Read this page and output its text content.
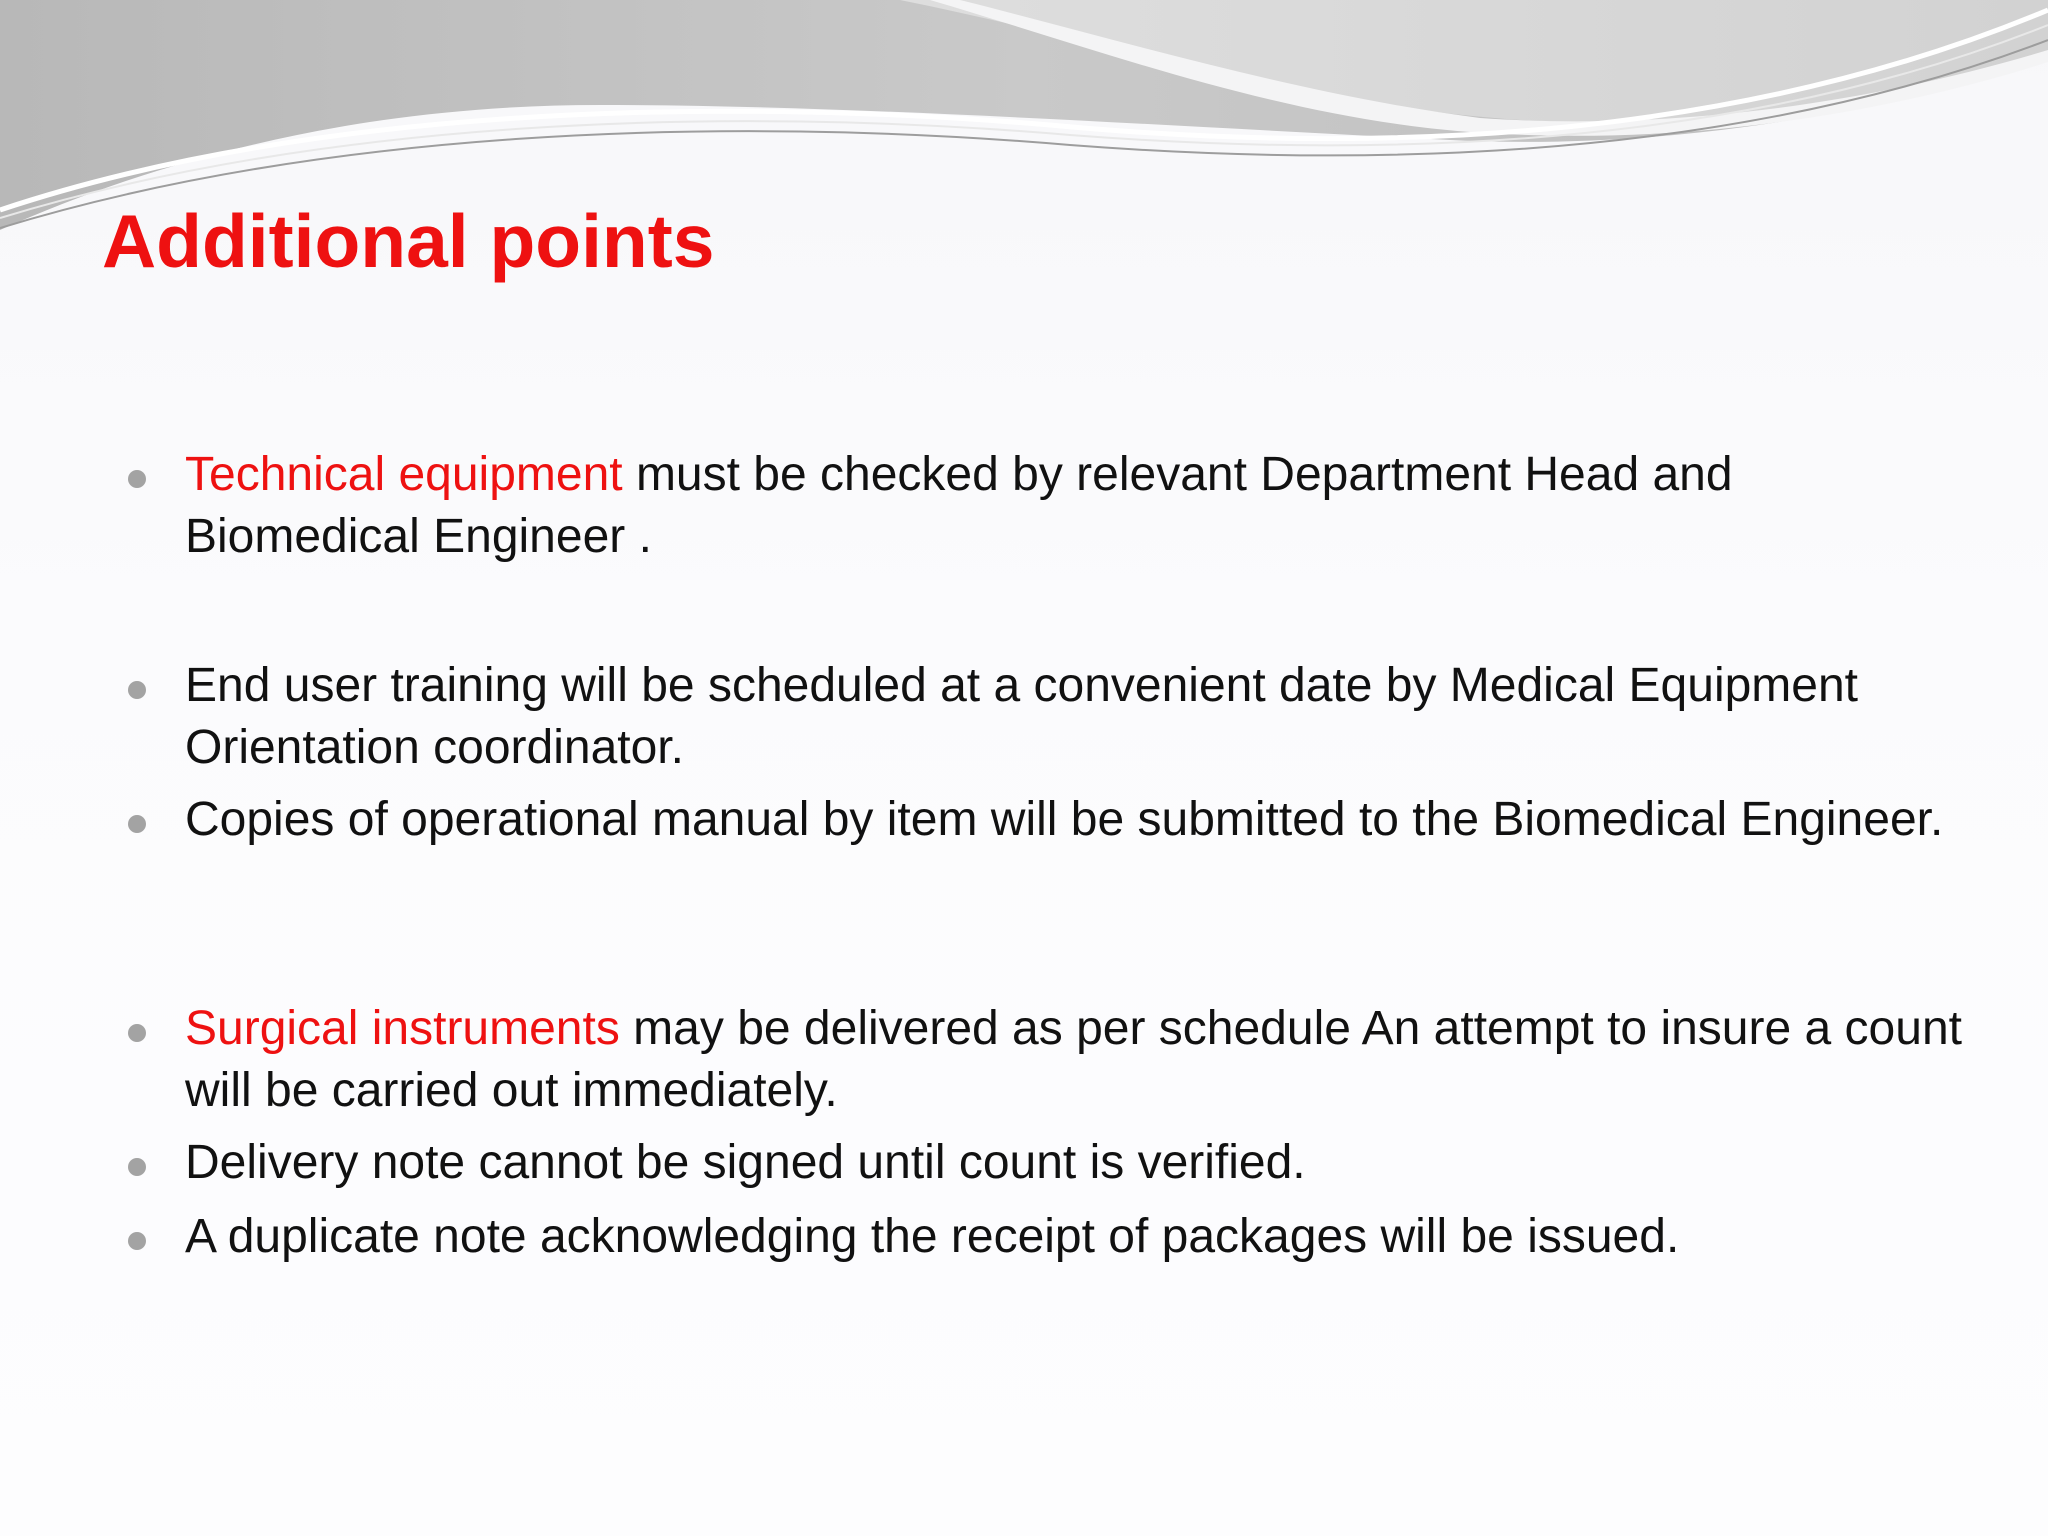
Additional points
Technical equipment must be checked by relevant Department Head and Biomedical Engineer .
End user training will be scheduled at a convenient date by Medical Equipment Orientation coordinator.
Copies of operational manual by item will be submitted to the Biomedical Engineer.
Surgical instruments may be delivered as per schedule An attempt to insure a count will be carried out immediately.
Delivery note cannot be signed until count is verified.
A duplicate note acknowledging the receipt of packages will be issued.
